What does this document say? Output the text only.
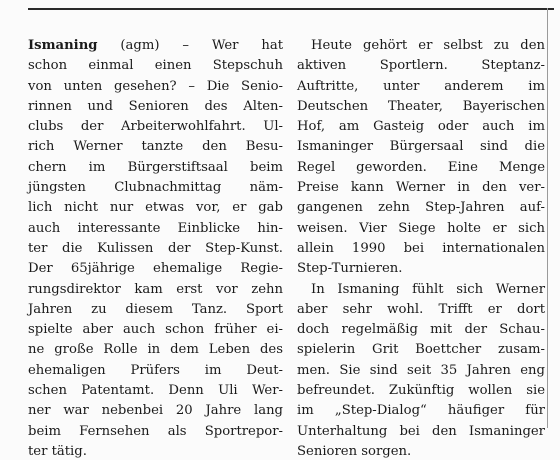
Ismaning (agm) – Wer hat
schon einmal einen Stepschuh
von unten gesehen? – Die Senio-
rinnen und Senioren des Alten-
clubs der Arbeiterwohlfahrt. Ul-
rich Werner tanzte den Besu-
chern im Bürgerstiftsaal beim
jüngsten Clubnachmittag näm-
lich nicht nur etwas vor, er gab
auch interessante Einblicke hin-
ter die Kulissen der Step-Kunst.
Der 65jährige ehemalige Regie-
rungsdirektor kam erst vor zehn
Jahren zu diesem Tanz. Sport
spielte aber auch schon früher ei-
ne große Rolle in dem Leben des
ehemaligen Prüfers im Deut-
schen Patentamt. Denn Uli Wer-
ner war nebenbei 20 Jahre lang
beim Fernsehen als Sportrepor-
ter tätig.
Heute gehört er selbst zu den
aktiven Sportlern. Steptanz-
Auftritte, unter anderem im
Deutschen Theater, Bayerischen
Hof, am Gasteig oder auch im
Ismaninger Bürgersaal sind die
Regel geworden. Eine Menge
Preise kann Werner in den ver-
gangenen zehn Step-Jahren auf-
weisen. Vier Siege holte er sich
allein 1990 bei internationalen
Step-Turnieren.
In Ismaning fühlt sich Werner
aber sehr wohl. Trifft er dort
doch regelmäßig mit der Schau-
spielerin Grit Boettcher zusam-
men. Sie sind seit 35 Jahren eng
befreundet. Zukünftig wollen sie
im „Step-Dialog“ häufiger für
Unterhaltung bei den Ismaninger
Senioren sorgen.
